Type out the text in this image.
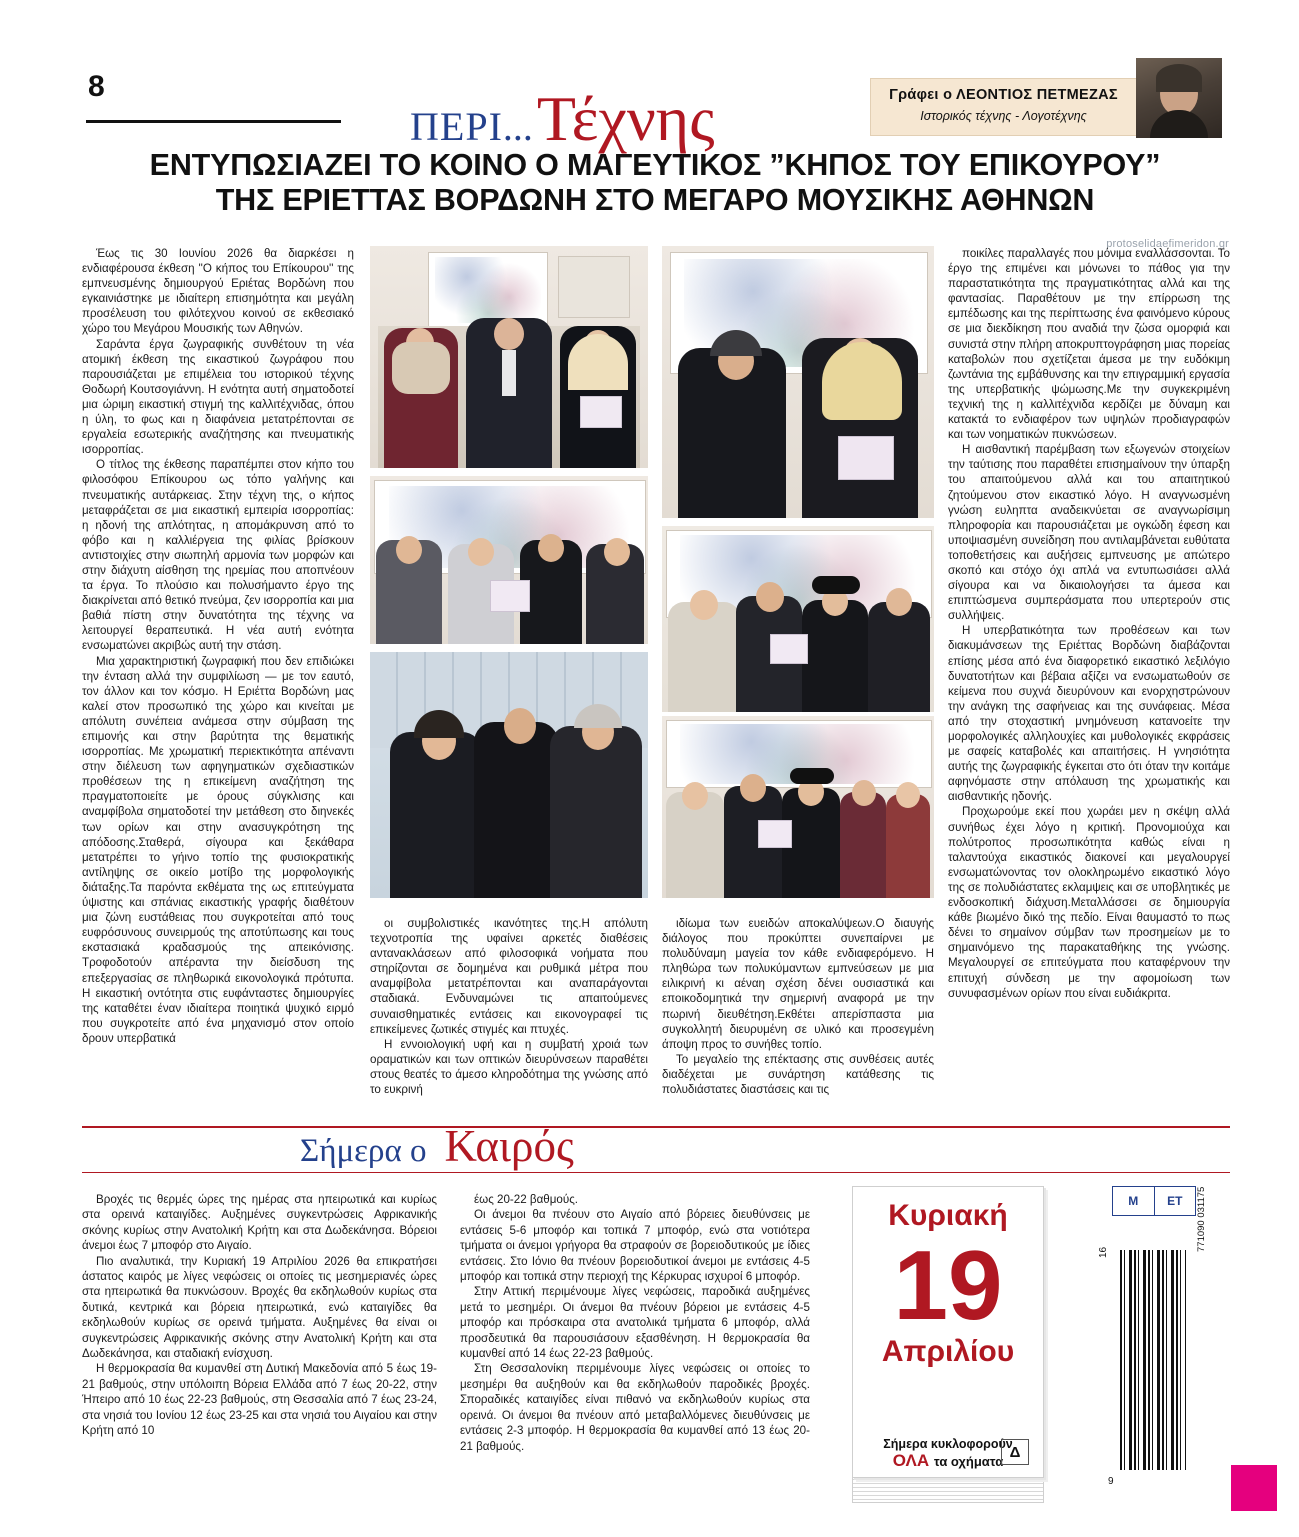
8
ΠΕΡΙ... Τέχνης	Γράφει ο ΛΕΟΝΤΙΟΣ ΠΕΤΜΕΖΑΣ
Ιστορικός τέχνης - Λογοτέχνης
ΕΝΤΥΠΩΣΙΑΖΕΙ ΤΟ ΚΟΙΝΟ Ο ΜΑΓΕΥΤΙΚΟΣ ”ΚΗΠΟΣ ΤΟΥ ΕΠΙΚΟΥΡΟΥ”
ΤΗΣ ΕΡΙΕΤΤΑΣ ΒΟΡΔΩΝΗ ΣΤΟ ΜΕΓΑΡΟ ΜΟΥΣΙΚΗΣ ΑΘΗΝΩΝ
protoselidaefimeridon.gr

Έως τις 30 Ιουνίου 2026 θα διαρκέσει η ενδιαφέρουσα έκθεση ''Ο κήπος του Επίκουρου'' της εμπνευσμένης δημιουργού Εριέτας Βορδώνη που εγκαινιάστηκε με ιδιαίτερη επισημότητα και μεγάλη προσέλευση του φιλότεχνου κοινού σε εκθεσιακό χώρο του Μεγάρου Μουσικής των Αθηνών.

Σαράντα έργα ζωγραφικής συνθέτουν τη νέα ατομική έκθεση της εικαστικού ζωγράφου που παρουσιάζεται με επιμέλεια του ιστορικού τέχνης Θοδωρή Κουτσογιάννη. Η ενότητα αυτή σηματοδοτεί μια ώριμη εικαστική στιγμή της καλλιτέχνιδας, όπου η ύλη, το φως και η διαφάνεια μετατρέπονται σε εργαλεία εσωτερικής αναζήτησης και πνευματικής ισορροπίας.

Ο τίτλος της έκθεσης παραπέμπει στον κήπο του φιλοσόφου Επίκουρου ως τόπο γαλήνης και πνευματικής αυτάρκειας. Στην τέχνη της, ο κήπος μεταφράζεται σε μια εικαστική εμπειρία ισορροπίας: η ηδονή της απλότητας, η απομάκρυνση από το φόβο και η καλλιέργεια της φιλίας βρίσκουν αντιστοιχίες στην σιωπηλή αρμονία των μορφών και στην διάχυτη αίσθηση της ηρεμίας που αποπνέουν τα έργα. Το πλούσιο και πολυσήμαντο έργο της διακρίνεται από θετικό πνεύμα, ζεν ισορροπία και μια βαθιά πίστη στην δυνατότητα της τέχνης να λειτουργεί θεραπευτικά. Η νέα αυτή ενότητα ενσωματώνει ακριβώς αυτή την στάση.

Μια χαρακτηριστική ζωγραφική που δεν επιδιώκει την ένταση αλλά την συμφιλίωση — με τον εαυτό, τον άλλον και τον κόσμο. Η Εριέττα Βορδώνη μας καλεί στον προσωπικό της χώρο και κινείται με απόλυτη συνέπεια ανάμεσα στην σύμβαση της επιμονής και στην βαρύτητα της θεματικής ισορροπίας. Με χρωματική περιεκτικότητα απέναντι στην διέλευση των αφηγηματικών σχεδιαστικών προθέσεων της η επικείμενη αναζήτηση της πραγματοποιείτε με όρους σύγκλισης και αναμφίβολα σηματοδοτεί την μετάθεση στο διηνεκές των ορίων και στην ανασυγκρότηση της απόδοσης.Σταθερά, σίγουρα και ξεκάθαρα μετατρέπει το γήινο τοπίο της φυσιοκρατικής αντίληψης σε οικείο μοτίβο της μορφολογικής διάταξης.Τα παρόντα εκθέματα της ως επιτεύγματα ύψιστης και σπάνιας εικαστικής γραφής διαθέτουν μια ζώνη ευστάθειας που συγκροτείται από τους ευφρόσυνους συνειρμούς της αποτύπωσης και τους εκστασιακά κραδασμούς της απεικόνισης. Τροφοδοτούν απέραντα την διείσδυση της επεξεργασίας σε πληθωρικά εικονολογικά πρότυπα. Η εικαστική οντότητα στις ευφάνταστες δημιουργίες της καταθέτει έναν ιδιαίτερα ποιητικά ψυχικό ειρμό που συγκροτείτε από ένα μηχανισμό στον οποίο δρουν υπερβατικά

οι συμβολιστικές ικανότητες της.Η απόλυτη τεχνοτροπία της υφαίνει αρκετές διαθέσεις αντανακλάσεων από φιλοσοφικά νοήματα που στηρίζονται σε δομημένα και ρυθμικά μέτρα που αναμφίβολα μετατρέπονται και αναπαράγονται σταδιακά. Ενδυναμώνει τις απαιτούμενες συναισθηματικές εντάσεις και εικονογραφεί τις επικείμενες ζωτικές στιγμές και πτυχές.

Η εννοιολογική υφή και η συμβατή χροιά των οραματικών και των οπτικών διευρύνσεων παραθέτει στους θεατές το άμεσο κληροδότημα της γνώσης από το ευκρινή

ιδίωμα των ευειδών αποκαλύψεων.Ο διαυγής διάλογος που προκύπτει συνεπαίρνει με πολυδύναμη μαγεία τον κάθε ενδιαφερόμενο. Η πληθώρα των πολυκύμαντων εμπνεύσεων με μια ειλικρινή κι αέναη σχέση δένει ουσιαστικά και εποικοδομητικά την σημερινή αναφορά με την πωρινή διευθέτηση.Εκθέτει απερίσπαστα μια συγκολλητή διευρυμένη σε υλικό και προσεγμένη άποψη προς το συνήθες τοπίο.

Το μεγαλείο της επέκτασης στις συνθέσεις αυτές διαδέχεται με συνάρτηση κατάθεσης τις πολυδιάστατες διαστάσεις και τις

ποικίλες παραλλαγές που μόνιμα εναλλάσσονται. Το έργο της επιμένει και μόνωνει το πάθος για την παραστατικότητα της πραγματικότητας αλλά και της φαντασίας. Παραθέτουν με την επίρρωση της εμπέδωσης και της περίπτωσης ένα φαινόμενο κύρους σε μια διεκδίκηση που αναδιά την ζώσα ομορφιά και συνιστά στην πλήρη αποκρυπτογράφηση μιας πορείας καταβολών που σχετίζεται άμεσα με την ευδόκιμη ζωντάνια της εμβάθυνσης και την επιγραμμική εργασία της υπερβατικής ψώμωσης.Με την συγκεκριμένη τεχνική της η καλλιτέχνιδα κερδίζει με δύναμη και κατακτά το ενδιαφέρον των υψηλών προδιαγραφών και των νοηματικών πυκνώσεων.

Η αισθαντική παρέμβαση των εξωγενών στοιχείων την ταύτισης που παραθέτει επισημαίνουν την ύπαρξη του απαιτούμενου αλλά και του απαιτητικού ζητούμενου στον εικαστικό λόγο. Η αναγνωσμένη γνώση ευληπτα αναδεικνύεται σε αναγνωρίσιμη πληροφορία και παρουσιάζεται με ογκώδη έφεση και υποψιασμένη συνείδηση που αντιλαμβάνεται ευθύτατα τοποθετήσεις και αυξήσεις εμπνευσης με απώτερο σκοπό και στόχο όχι απλά να εντυπωσιάσει αλλά σίγουρα και να δικαιολογήσει τα άμεσα και επιπτώσμενα συμπεράσματα που υπερτερούν στις συλλήψεις.

Η υπερβατικότητα των προθέσεων και των διακυμάνσεων της Εριέττας Βορδώνη διαβάζονται επίσης μέσα από ένα διαφορετικό εικαστικό λεξιλόγιο δυνατοτήτων και βέβαια αξίζει να ενσωματωθούν σε κείμενα που συχνά διευρύνουν και ενορχηστρώνουν την ανάγκη της σαφήνειας και της συνάφειας. Μέσα από την στοχαστική μνημόνευση κατανοείτε την μορφολογικές αλληλουχίες και μυθολογικές εκφράσεις με σαφείς καταβολές και απαιτήσεις. Η γνησιότητα αυτής της ζωγραφικής έγκειται στο ότι όταν την κοιτάμε αφηνόμαστε στην απόλαυση της χρωματικής και αισθαντικής ηδονής.

Προχωρούμε εκεί που χωράει μεν η σκέψη αλλά συνήθως έχει λόγο η κριτική. Προνομιούχα και πολύτροπος προσωπικότητα καθώς είναι η ταλαντούχα εικαστικός διακονεί και μεγαλουργεί ενσωματώνοντας τον ολοκληρωμένο εικαστικό λόγο της σε πολυδιάστατες εκλαμψεις και σε υποβλητικές με ενδοσκοπική διάχυση.Μεταλλάσσει σε δημιουργία κάθε βιωμένο δικό της πεδίο. Είναι θαυμαστό το πως δένει το σημαίνον σύμβαν των προσημείων με το σημαινόμενο της παρακαταθήκης της γνώσης. Μεγαλουργεί σε επιτεύγματα που καταφέρνουν την επιτυχή σύνδεση με την αφομοίωση των συνυφασμένων ορίων που είναι ευδιάκριτα.

Σήμερα ο Καιρός

Βροχές τις θερμές ώρες της ημέρας στα ηπειρωτικά και κυρίως στα ορεινά καταιγίδες. Αυξημένες συγκεντρώσεις Αφρικανικής σκόνης κυρίως στην Ανατολική Κρήτη και στα Δωδεκάνησα. Βόρειοι άνεμοι έως 7 μποφόρ στο Αιγαίο.

Πιο αναλυτικά, την Κυριακή 19 Απριλίου 2026 θα επικρατήσει άστατος καιρός με λίγες νεφώσεις οι οποίες τις μεσημεριανές ώρες στα ηπειρωτικά θα πυκνώσουν. Βροχές θα εκδηλωθούν κυρίως στα δυτικά, κεντρικά και βόρεια ηπειρωτικά, ενώ καταιγίδες θα εκδηλωθούν κυρίως σε ορεινά τμήματα. Αυξημένες θα είναι οι συγκεντρώσεις Αφρικανικής σκόνης στην Ανατολική Κρήτη και στα Δωδεκάνησα, και σταδιακή ενίσχυση.

Η θερμοκρασία θα κυμανθεί στη Δυτική Μακεδονία από 5 έως 19-21 βαθμούς, στην υπόλοιπη Βόρεια Ελλάδα από 7 έως 20-22, στην Ήπειρο από 10 έως 22-23 βαθμούς, στη Θεσσαλία από 7 έως 23-24, στα νησιά του Ιονίου 12 έως 23-25 και στα νησιά του Αιγαίου και στην Κρήτη από 10

έως 20-22 βαθμούς.

Οι άνεμοι θα πνέουν στο Αιγαίο από βόρειες διευθύνσεις με εντάσεις 5-6 μποφόρ και τοπικά 7 μποφόρ, ενώ στα νοτιότερα τμήματα οι άνεμοι γρήγορα θα στραφούν σε βορειοδυτικούς με ίδιες εντάσεις. Στο Ιόνιο θα πνέουν βορειοδυτικοί άνεμοι με εντάσεις 4-5 μποφόρ και τοπικά στην περιοχή της Κέρκυρας ισχυροί 6 μποφόρ.

Στην Αττική περιμένουμε λίγες νεφώσεις, παροδικά αυξημένες μετά το μεσημέρι. Οι άνεμοι θα πνέουν βόρειοι με εντάσεις 4-5 μποφόρ και πρόσκαιρα στα ανατολικά τμήματα 6 μποφόρ, αλλά προσδευτικά θα παρουσιάσουν εξασθένηση. Η θερμοκρασία θα κυμανθεί από 14 έως 22-23 βαθμούς.

Στη Θεσσαλονίκη περιμένουμε λίγες νεφώσεις οι οποίες το μεσημέρι θα αυξηθούν και θα εκδηλωθούν παροδικές βροχές. Σποραδικές καταιγίδες είναι πιθανό να εκδηλωθούν κυρίως στα ορεινά. Οι άνεμοι θα πνέουν από μεταβαλλόμενες διευθύνσεις με εντάσεις 2-3 μποφόρ. Η θερμοκρασία θα κυμανθεί από 13 έως 20-21 βαθμούς.

Κυριακή
19
Απριλίου
Σήμερα κυκλοφορούν
ΟΛΑ τα οχήματα
Δ
Μ	ΕΤ
16
771090 031175
9
